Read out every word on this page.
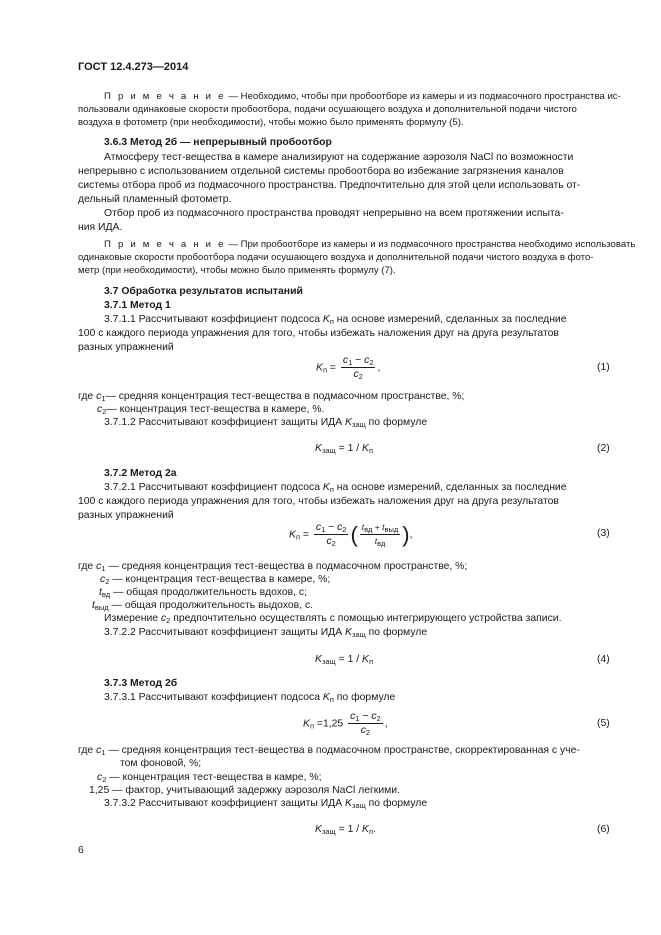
ГОСТ 12.4.273—2014
П р и м е ч а н и е — Необходимо, чтобы при пробоотборе из камеры и из подмасочного пространства ис-
пользовали одинаковые скорости пробоотбора, подачи осушающего воздуха и дополнительной подачи чистого
воздуха в фотометр (при необходимости), чтобы можно было применять формулу (5).
3.6.3 Метод 2б — непрерывный пробоотбор
Атмосферу тест-вещества в камере анализируют на содержание аэрозоля NaCl по возможности
непрерывно с использованием отдельной системы пробоотбора во избежание загрязнения каналов
системы отбора проб из подмасочного пространства. Предпочтительно для этой цели использовать от-
дельный пламенный фотометр.
Отбор проб из подмасочного пространства проводят непрерывно на всем протяжении испыта-
ния ИДА.
П р и м е ч а н и е — При пробоотборе из камеры и из подмасочного пространства необходимо использовать
одинаковые скорости пробоотбора подачи осушающего воздуха и дополнительной подачи чистого воздуха в фото-
метр (при необходимости), чтобы можно было применять формулу (7).
3.7 Обработка результатов испытаний
3.7.1 Метод 1
3.7.1.1 Рассчитывают коэффициент подсоса $K_п$ на основе измерений, сделанных за последние
100 с каждого периода упражнения для того, чтобы избежать наложения друг на друга результатов
разных упражнений
$K_п = \frac{c_1 - c_2}{c_2}$ ,	(1)
где $c_1—$ средняя концентрация тест-вещества в подмасочном пространстве, %;
$c_2—$ концентрация тест-вещества в камере, %.
3.7.1.2 Рассчитывают коэффициент защиты ИДА $K_{защ}$ по формуле
$K_{защ} = 1 / K_п$	(2)
3.7.2 Метод 2а
3.7.2.1 Рассчитывают коэффициент подсоса $K_п$ на основе измерений, сделанных за последние
100 с каждого периода упражнения для того, чтобы избежать наложения друг на друга результатов
разных упражнений
$K_п = \frac{c_1 - c_2}{c_2}$ ( $\frac{t_{вд} + t_{выд}}{t_{вд}}$ ),	(3)
где $c_1$ — средняя концентрация тест-вещества в подмасочном пространстве, %;
$c_2$ — концентрация тест-вещества в камере, %;
$t_{вд}$ — общая продолжительность вдохов, с;
$t_{выд}$ — общая продолжительность выдохов, с.
Измерение $c_2$ предпочтительно осуществлять с помощью интегрирующего устройства записи.
3.7.2.2 Рассчитывают коэффициент защиты ИДА $K_{защ}$ по формуле
$K_{защ} = 1 / K_п$	(4)
3.7.3 Метод 2б
3.7.3.1 Рассчитывают коэффициент подсоса $K_п$ по формуле
$K_п =1,25 \frac{c_1 - c_2}{c_2}$ ,	(5)
где $c_1$ — средняя концентрация тест-вещества в подмасочном пространстве, скорректированная с уче-
том фоновой, %;
$c_2$ — концентрация тест-вещества в камре, %;
1,25 — фактор, учитывающий задержку аэрозоля NaCl легкими.
3.7.3.2 Рассчитывают коэффициент защиты ИДА $K_{защ}$ по формуле
$K_{защ} = 1 / K_п$.	(6)
6
